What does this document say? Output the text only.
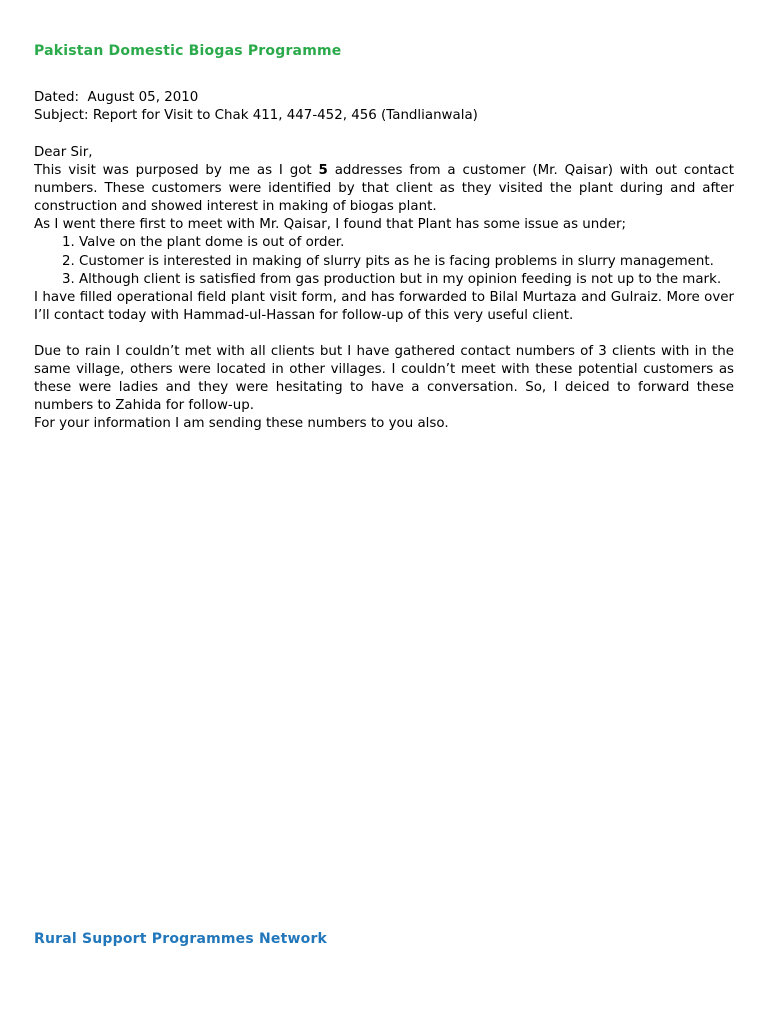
Pakistan Domestic Biogas Programme
Dated: August 05, 2010
Subject: Report for Visit to Chak 411, 447-452, 456 (Tandlianwala)
Dear Sir,
This visit was purposed by me as I got 5 addresses from a customer (Mr. Qaisar) with out contact numbers. These customers were identified by that client as they visited the plant during and after construction and showed interest in making of biogas plant.
As I went there first to meet with Mr. Qaisar, I found that Plant has some issue as under;
1. Valve on the plant dome is out of order.
2. Customer is interested in making of slurry pits as he is facing problems in slurry management.
3. Although client is satisfied from gas production but in my opinion feeding is not up to the mark.
I have filled operational field plant visit form, and has forwarded to Bilal Murtaza and Gulraiz. More over I’ll contact today with Hammad-ul-Hassan for follow-up of this very useful client.
Due to rain I couldn’t met with all clients but I have gathered contact numbers of 3 clients with in the same village, others were located in other villages. I couldn’t meet with these potential customers as these were ladies and they were hesitating to have a conversation. So, I deiced to forward these numbers to Zahida for follow-up.
For your information I am sending these numbers to you also.
Rural Support Programmes Network
